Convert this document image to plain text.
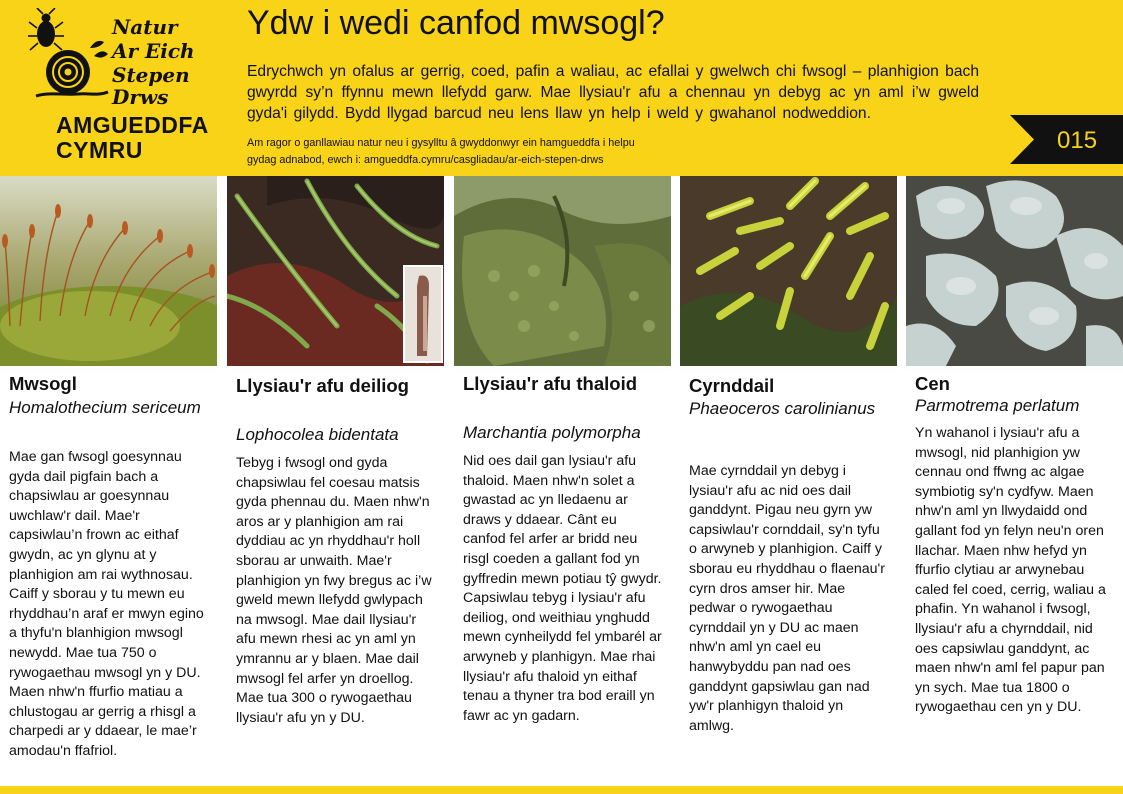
Natur
Ar Eich
Stepen Drws
AMGUEDDFA
CYMRU
Ydw i wedi canfod mwsogl?
Edrychwch yn ofalus ar gerrig, coed, pafin a waliau, ac efallai y gwelwch chi fwsogl – planhigion bach gwyrdd sy’n ffynnu mewn llefydd garw. Mae llysiau'r afu a chennau yn debyg ac yn aml i’w gweld gyda'i gilydd. Bydd llygad barcud neu lens llaw yn help i weld y gwahanol nodweddion.
Am ragor o ganllawiau natur neu i gysylltu â gwyddonwyr ein hamgueddfa i helpu
gydag adnabod, ewch i: amgueddfa.cymru/casgliadau/ar-eich-stepen-drws
015
Mwsogl
Homalothecium sericeum
Mae gan fwsogl goesynnau gyda dail pigfain bach a chapsiwlau ar goesynnau uwchlaw'r dail. Mae'r capsiwlau’n frown ac eithaf gwydn, ac yn glynu at y planhigion am rai wythnosau. Caiff y sborau y tu mewn eu rhyddhau’n araf er mwyn egino a thyfu'n blanhigion mwsogl newydd. Mae tua 750 o rywogaethau mwsogl yn y DU. Maen nhw'n ffurfio matiau a chlustogau ar gerrig a rhisgl a charpedi ar y ddaear, le mae’r amodau'n ffafriol.
Llysiau'r afu deiliog
Lophocolea bidentata
Tebyg i fwsogl ond gyda chapsiwlau fel coesau matsis gyda phennau du. Maen nhw'n aros ar y planhigion am rai dyddiau ac yn rhyddhau'r holl sborau ar unwaith. Mae'r planhigion yn fwy bregus ac i’w gweld mewn llefydd gwlypach na mwsogl. Mae dail llysiau'r afu mewn rhesi ac yn aml yn ymrannu ar y blaen. Mae dail mwsogl fel arfer yn droellog. Mae tua 300 o rywogaethau llysiau'r afu yn y DU.
Llysiau'r afu thaloid
Marchantia polymorpha
Nid oes dail gan lysiau'r afu thaloid. Maen nhw'n solet a gwastad ac yn lledaenu ar draws y ddaear. Cânt eu canfod fel arfer ar bridd neu risgl coeden a gallant fod yn gyffredin mewn potiau tŷ gwydr. Capsiwlau tebyg i lysiau'r afu deiliog, ond weithiau ynghudd mewn cynheilydd fel ymbarél ar arwyneb y planhigyn. Mae rhai llysiau'r afu thaloid yn eithaf tenau a thyner tra bod eraill yn fawr ac yn gadarn.
Cyrnddail
Phaeoceros carolinianus
Mae cyrnddail yn debyg i lysiau'r afu ac nid oes dail ganddynt. Pigau neu gyrn yw capsiwlau'r cornddail, sy'n tyfu o arwyneb y planhigion. Caiff y sborau eu rhyddhau o flaenau'r cyrn dros amser hir. Mae pedwar o rywogaethau cyrnddail yn y DU ac maen nhw'n aml yn cael eu hanwybyddu pan nad oes ganddynt gapsiwlau gan nad yw'r planhigyn thaloid yn amlwg.
Cen
Parmotrema perlatum
Yn wahanol i lysiau'r afu a mwsogl, nid planhigion yw cennau ond ffwng ac algae symbiotig sy'n cydfyw. Maen nhw'n aml yn llwydaidd ond gallant fod yn felyn neu'n oren llachar. Maen nhw hefyd yn ffurfio clytiau ar arwynebau caled fel coed, cerrig, waliau a phafin. Yn wahanol i fwsogl, llysiau'r afu a chyrnddail, nid oes capsiwlau ganddynt, ac maen nhw'n aml fel papur pan yn sych. Mae tua 1800 o rywogaethau cen yn y DU.
